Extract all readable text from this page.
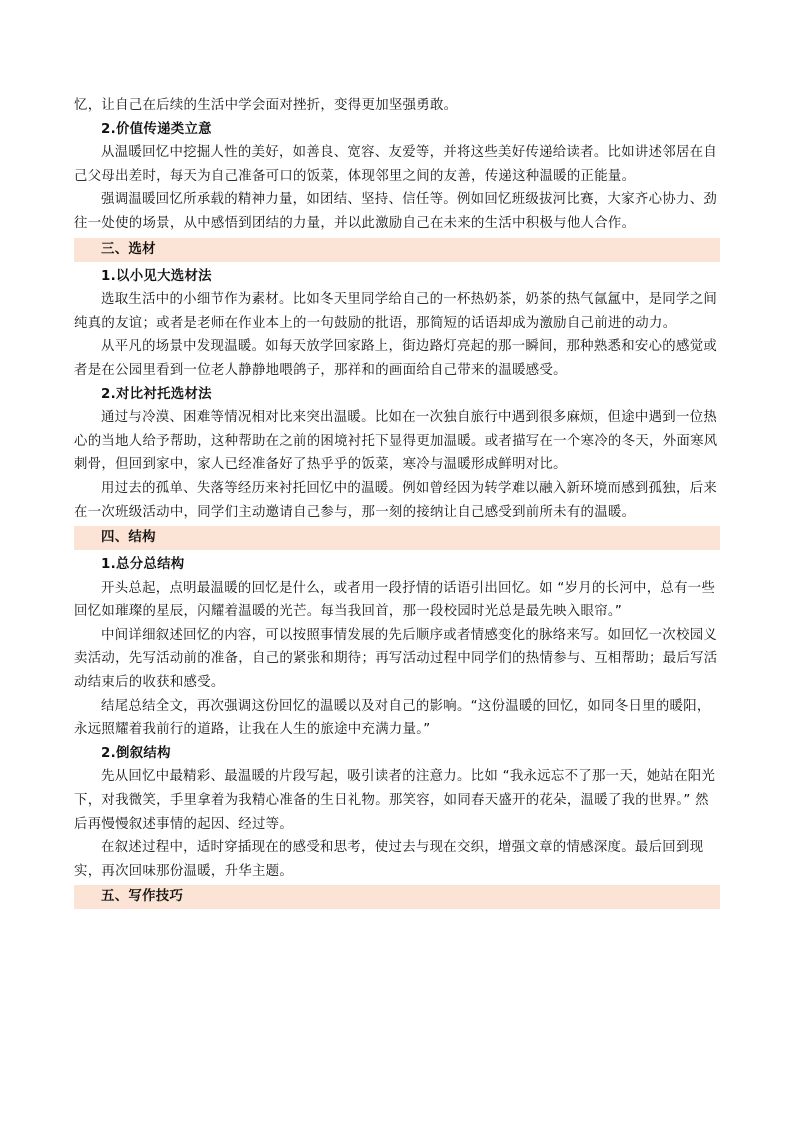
忆，让自己在后续的生活中学会面对挫折，变得更加坚强勇敢。

2.价值传递类立意

从温暖回忆中挖掘人性的美好，如善良、宽容、友爱等，并将这些美好传递给读者。比如讲述邻居在自己父母出差时，每天为自己准备可口的饭菜，体现邻里之间的友善，传递这种温暖的正能量。

强调温暖回忆所承载的精神力量，如团结、坚持、信任等。例如回忆班级拔河比赛，大家齐心协力、劲往一处使的场景，从中感悟到团结的力量，并以此激励自己在未来的生活中积极与他人合作。

三、选材
1.以小见大选材法

选取生活中的小细节作为素材。比如冬天里同学给自己的一杯热奶茶，奶茶的热气氤氲中，是同学之间纯真的友谊；或者是老师在作业本上的一句鼓励的批语，那简短的话语却成为激励自己前进的动力。

从平凡的场景中发现温暖。如每天放学回家路上，街边路灯亮起的那一瞬间，那种熟悉和安心的感觉或者是在公园里看到一位老人静静地喂鸽子，那祥和的画面给自己带来的温暖感受。

2.对比衬托选材法

通过与冷漠、困难等情况相对比来突出温暖。比如在一次独自旅行中遇到很多麻烦，但途中遇到一位热心的当地人给予帮助，这种帮助在之前的困境衬托下显得更加温暖。或者描写在一个寒冷的冬天，外面寒风刺骨，但回到家中，家人已经准备好了热乎乎的饭菜，寒冷与温暖形成鲜明对比。

用过去的孤单、失落等经历来衬托回忆中的温暖。例如曾经因为转学难以融入新环境而感到孤独，后来在一次班级活动中，同学们主动邀请自己参与，那一刻的接纳让自己感受到前所未有的温暖。

四、结构
1.总分总结构

开头总起，点明最温暖的回忆是什么，或者用一段抒情的话语引出回忆。如 “岁月的长河中，总有一些回忆如璀璨的星辰，闪耀着温暖的光芒。每当我回首，那一段校园时光总是最先映入眼帘。”

中间详细叙述回忆的内容，可以按照事情发展的先后顺序或者情感变化的脉络来写。如回忆一次校园义卖活动，先写活动前的准备，自己的紧张和期待；再写活动过程中同学们的热情参与、互相帮助；最后写活动结束后的收获和感受。

结尾总结全文，再次强调这份回忆的温暖以及对自己的影响。“这份温暖的回忆，如同冬日里的暖阳，永远照耀着我前行的道路，让我在人生的旅途中充满力量。”

2.倒叙结构

先从回忆中最精彩、最温暖的片段写起，吸引读者的注意力。比如 “我永远忘不了那一天，她站在阳光下，对我微笑，手里拿着为我精心准备的生日礼物。那笑容，如同春天盛开的花朵，温暖了我的世界。” 然后再慢慢叙述事情的起因、经过等。

在叙述过程中，适时穿插现在的感受和思考，使过去与现在交织，增强文章的情感深度。最后回到现实，再次回味那份温暖，升华主题。

五、写作技巧
